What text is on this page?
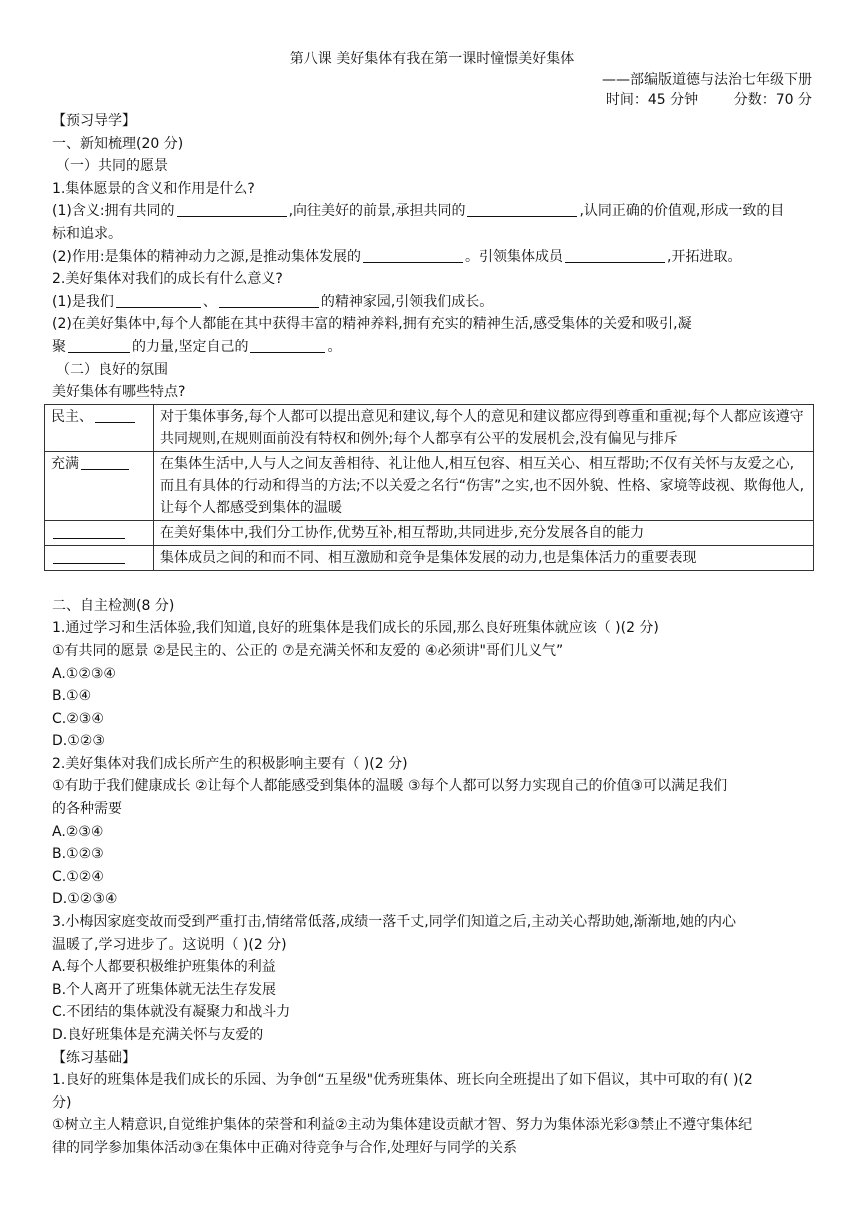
第八课 美好集体有我在第一课时憧憬美好集体
——部编版道德与法治七年级下册
时间：45 分钟        分数：70 分
【预习导学】
一、新知梳理(20 分)
（一）共同的愿景
1.集体愿景的含义和作用是什么?
(1)含义:拥有共同的	,向往美好的前景,承担共同的	,认同正确的价值观,形成一致的目
标和追求。
(2)作用:是集体的精神动力之源,是推动集体发展的	。引领集体成员	,开拓进取。
2.美好集体对我们的成长有什么意义?
(1)是我们	、	的精神家园,引领我们成长。
(2)在美好集体中,每个人都能在其中获得丰富的精神养料,拥有充实的精神生活,感受集体的关爱和吸引,凝
聚	的力量,坚定自己的	。
（二）良好的氛围
美好集体有哪些特点?
民主、	对于集体事务,每个人都可以提出意见和建议,每个人的意见和建议都应得到尊重和重视;每个人都应该遵守共同规则,在规则面前没有特权和例外;每个人都享有公平的发展机会,没有偏见与排斥
充满	在集体生活中,人与人之间友善相待、礼让他人,相互包容、相互关心、相互帮助;不仅有关怀与友爱之心,而且有具体的行动和得当的方法;不以关爱之名行“伤害”之实,也不因外貌、性格、家境等歧视、欺侮他人,让每个人都感受到集体的温暖
	在美好集体中,我们分工协作,优势互补,相互帮助,共同进步,充分发展各自的能力
	集体成员之间的和而不同、相互激励和竞争是集体发展的动力,也是集体活力的重要表现
二、自主检测(8 分)
1.通过学习和生活体验,我们知道,良好的班集体是我们成长的乐园,那么良好班集体就应该（ )(2 分)
①有共同的愿景 ②是民主的、公正的 ⑦是充满关怀和友爱的 ④必须讲"哥们儿义气”
A.①②③④
B.①④
C.②③④
D.①②③
2.美好集体对我们成长所产生的积极影响主要有（ )(2 分)
①有助于我们健康成长 ②让每个人都能感受到集体的温暖 ③每个人都可以努力实现自己的价值③可以满足我们
的各种需要
A.②③④
B.①②③
C.①②④
D.①②③④
3.小梅因家庭变故而受到严重打击,情绪常低落,成绩一落千丈,同学们知道之后,主动关心帮助她,渐渐地,她的内心
温暖了,学习进步了。这说明（ )(2 分)
A.每个人都要积极维护班集体的利益
B.个人离开了班集体就无法生存发展
C.不团结的集体就没有凝聚力和战斗力
D.良好班集体是充满关怀与友爱的
【练习基础】
1.良好的班集体是我们成长的乐园、为争创“五星级"优秀班集体、班长向全班提出了如下倡议，其中可取的有( )(2
分)
①树立主人精意识,自觉维护集体的荣誉和利益②主动为集体建设贡献才智、努力为集体添光彩③禁止不遵守集体纪
律的同学参加集体活动③在集体中正确对待竞争与合作,处理好与同学的关系
